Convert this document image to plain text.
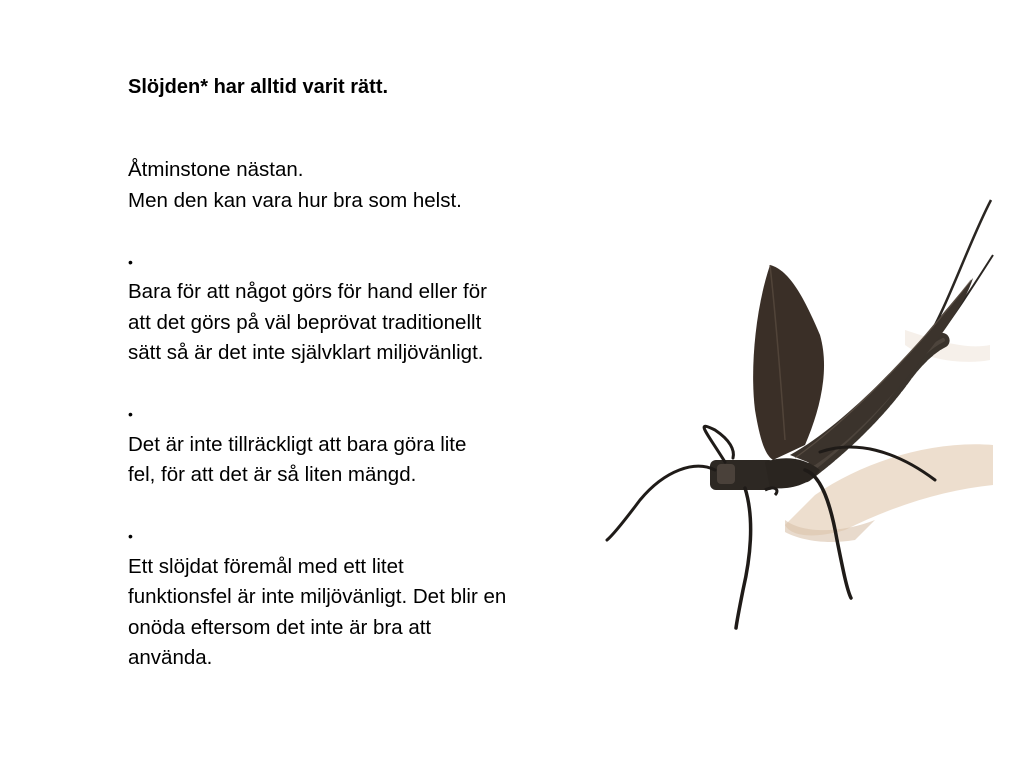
Slöjden* har alltid varit rätt.

Åtminstone nästan.
Men den kan vara hur bra som helst.

•
Bara för att något görs för hand eller för
att det görs på väl beprövat traditionellt
sätt så är det inte självklart miljövänligt.

•
Det är inte tillräckligt att bara göra lite
fel, för att det är så liten mängd.

•
Ett slöjdat föremål med ett litet
funktionsfel är inte miljövänligt. Det blir en
onöda eftersom det inte är bra att
använda.
